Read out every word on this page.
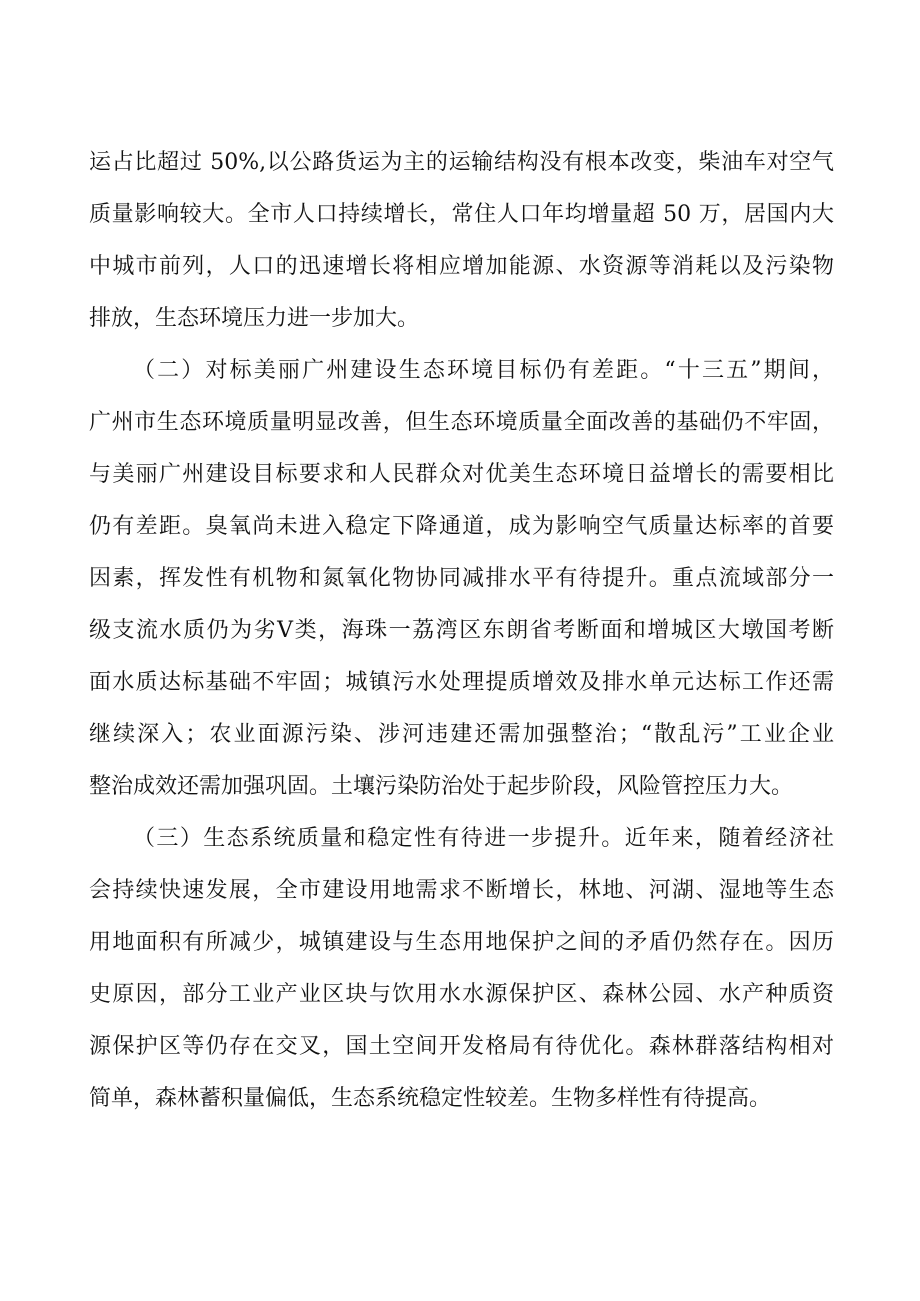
运占比超过 50%,以公路货运为主的运输结构没有根本改变，柴油车对空气
质量影响较大。全市人口持续增长，常住人口年均增量超 50 万，居国内大
中城市前列，人口的迅速增长将相应增加能源、水资源等消耗以及污染物
排放，生态环境压力进一步加大。
（二）对标美丽广州建设生态环境目标仍有差距。“十三五”期间，
广州市生态环境质量明显改善，但生态环境质量全面改善的基础仍不牢固，
与美丽广州建设目标要求和人民群众对优美生态环境日益增长的需要相比
仍有差距。臭氧尚未进入稳定下降通道，成为影响空气质量达标率的首要
因素，挥发性有机物和氮氧化物协同减排水平有待提升。重点流域部分一
级支流水质仍为劣Ⅴ类，海珠一荔湾区东朗省考断面和增城区大墩国考断
面水质达标基础不牢固；城镇污水处理提质增效及排水单元达标工作还需
继续深入；农业面源污染、涉河违建还需加强整治；“散乱污”工业企业
整治成效还需加强巩固。土壤污染防治处于起步阶段，风险管控压力大。
（三）生态系统质量和稳定性有待进一步提升。近年来，随着经济社
会持续快速发展，全市建设用地需求不断增长，林地、河湖、湿地等生态
用地面积有所减少，城镇建设与生态用地保护之间的矛盾仍然存在。因历
史原因，部分工业产业区块与饮用水水源保护区、森林公园、水产种质资
源保护区等仍存在交叉，国土空间开发格局有待优化。森林群落结构相对
简单，森林蓄积量偏低，生态系统稳定性较差。生物多样性有待提高。
